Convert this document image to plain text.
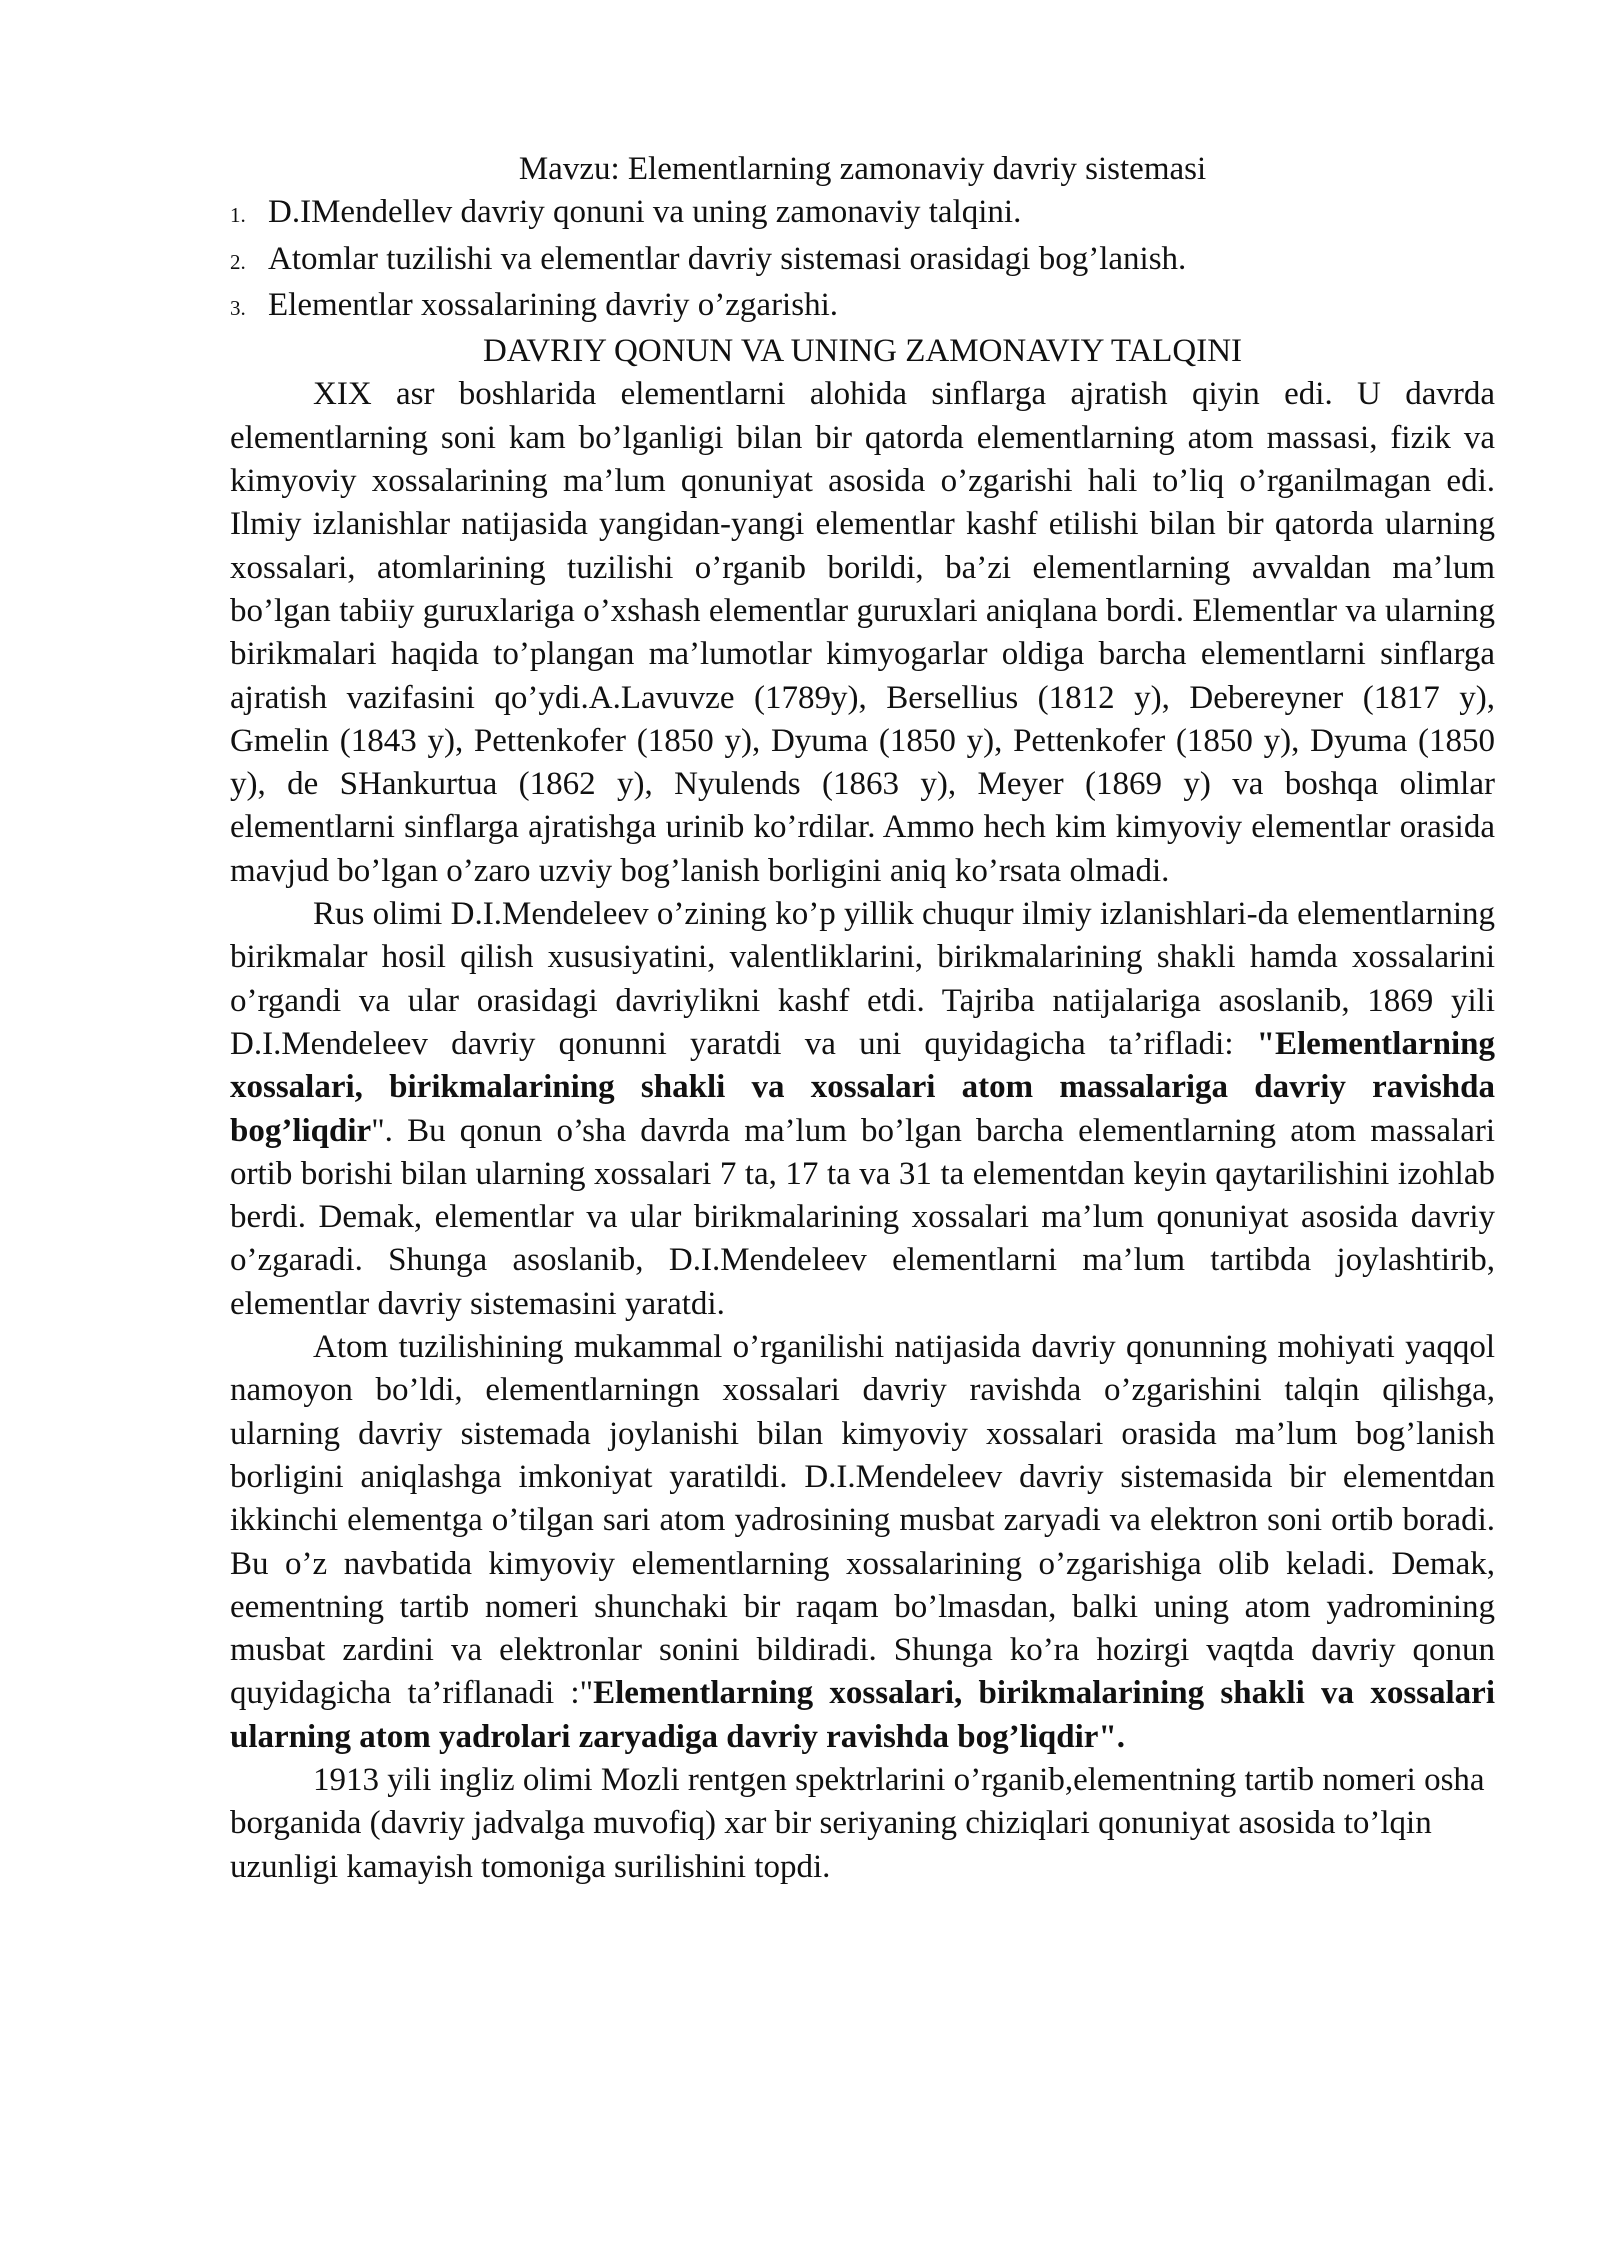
Mavzu: Elementlarning zamonaviy davriy sistemasi

1. D.IMendellev davriy qonuni va uning zamonaviy talqini.
2. Atomlar tuzilishi va elementlar davriy sistemasi orasidagi bog’lanish.
3. Elementlar xossalarining davriy o’zgarishi.

DAVRIY QONUN VA UNING ZAMONAVIY TALQINI

XIX asr boshlarida elementlarni alohida sinflarga ajratish qiyin edi. U davrda elementlarning soni kam bo’lganligi bilan bir qatorda elementlarning atom massasi, fizik va kimyoviy xossalarining ma’lum qonuniyat asosida o’zgarishi hali to’liq o’rganilmagan edi. Ilmiy izlanishlar natijasida yangidan-yangi elementlar kashf etilishi bilan bir qatorda ularning xossalari, atomlarining tuzilishi o’rganib borildi, ba’zi elementlarning avvaldan ma’lum bo’lgan tabiiy guruxlariga o’xshash elementlar guruxlari aniqlana bordi. Elementlar va ularning birikmalari haqida to’plangan ma’lumotlar kimyogarlar oldiga barcha elementlarni sinflarga ajratish vazifasini qo’ydi.A.Lavuvze (1789y), Bersellius (1812 y), Debereyner (1817 y), Gmelin (1843 y), Pettenkofer (1850 y), Dyuma (1850 y), Pettenkofer (1850 y), Dyuma (1850 y), de SHankurtua (1862 y), Nyulends (1863 y), Meyer (1869 y) va boshqa olimlar elementlarni sinflarga ajratishga urinib ko’rdilar. Ammo hech kim kimyoviy elementlar orasida mavjud bo’lgan o’zaro uzviy bog’lanish borligini aniq ko’rsata olmadi.

Rus olimi D.I.Mendeleev o’zining ko’p yillik chuqur ilmiy izlanishlari-da elementlarning birikmalar hosil qilish xususiyatini, valentliklarini, birikmalarining shakli hamda xossalarini o’rgandi va ular orasidagi davriylikni kashf etdi. Tajriba natijalariga asoslanib, 1869 yili D.I.Mendeleev davriy qonunni yaratdi va uni quyidagicha ta’rifladi: "Elementlarning xossalari, birikmalarining shakli va xossalari atom massalariga davriy ravishda bog’liqdir". Bu qonun o’sha davrda ma’lum bo’lgan barcha elementlarning atom massalari ortib borishi bilan ularning xossalari 7 ta, 17 ta va 31 ta elementdan keyin qaytarilishini izohlab berdi. Demak, elementlar va ular birikmalarining xossalari ma’lum qonuniyat asosida davriy o’zgaradi. Shunga asoslanib, D.I.Mendeleev elementlarni ma’lum tartibda joylashtirib, elementlar davriy sistemasini yaratdi.

Atom tuzilishining mukammal o’rganilishi natijasida davriy qonunning mohiyati yaqqol namoyon bo’ldi, elementlarningn xossalari davriy ravishda o’zgarishini talqin qilishga, ularning davriy sistemada joylanishi bilan kimyoviy xossalari orasida ma’lum bog’lanish borligini aniqlashga imkoniyat yaratildi. D.I.Mendeleev davriy sistemasida bir elementdan ikkinchi elementga o’tilgan sari atom yadrosining musbat zaryadi va elektron soni ortib boradi. Bu o’z navbatida kimyoviy elementlarning xossalarining o’zgarishiga olib keladi. Demak, eementning tartib nomeri shunchaki bir raqam bo’lmasdan, balki uning atom yadromining musbat zardini va elektronlar sonini bildiradi. Shunga ko’ra hozirgi vaqtda davriy qonun quyidagicha ta’riflanadi :"Elementlarning xossalari, birikmalarining shakli va xossalari ularning atom yadrolari zaryadiga davriy ravishda bog’liqdir".

1913 yili ingliz olimi Mozli rentgen spektrlarini o’rganib,elementning tartib nomeri osha borganida (davriy jadvalga muvofiq) xar bir seriyaning chiziqlari qonuniyat asosida to’lqin uzunligi kamayish tomoniga surilishini topdi.
